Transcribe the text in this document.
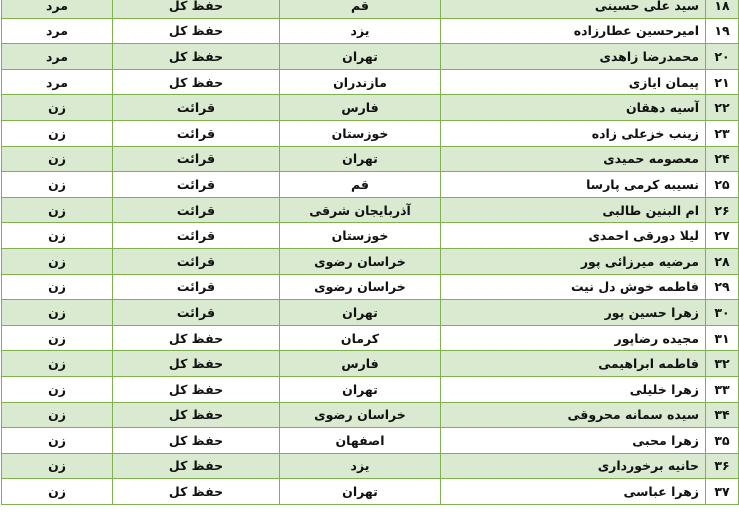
۱۸	سید علی حسینی	قم	حفظ کل	مرد
۱۹	امیرحسین عطارزاده	یزد	حفظ کل	مرد
۲۰	محمدرضا زاهدی	تهران	حفظ کل	مرد
۲۱	پیمان ایازی	مازندران	حفظ کل	مرد
۲۲	آسیه دهقان	فارس	قرائت	زن
۲۳	زینب خزعلی زاده	خوزستان	قرائت	زن
۲۴	معصومه حمیدی	تهران	قرائت	زن
۲۵	نسیبه کرمی پارسا	قم	قرائت	زن
۲۶	ام البنین طالبی	آذربایجان شرقی	قرائت	زن
۲۷	لیلا دورقی احمدی	خوزستان	قرائت	زن
۲۸	مرضیه میرزائی پور	خراسان رضوی	قرائت	زن
۲۹	فاطمه خوش دل نیت	خراسان رضوی	قرائت	زن
۳۰	زهرا حسین پور	تهران	قرائت	زن
۳۱	مجیده رضاپور	کرمان	حفظ کل	زن
۳۲	فاطمه ابراهیمی	فارس	حفظ کل	زن
۳۳	زهرا خلیلی	تهران	حفظ کل	زن
۳۴	سیده سمانه محروقی	خراسان رضوی	حفظ کل	زن
۳۵	زهرا محبی	اصفهان	حفظ کل	زن
۳۶	حانیه برخورداری	یزد	حفظ کل	زن
۳۷	زهرا عباسی	تهران	حفظ کل	زن
